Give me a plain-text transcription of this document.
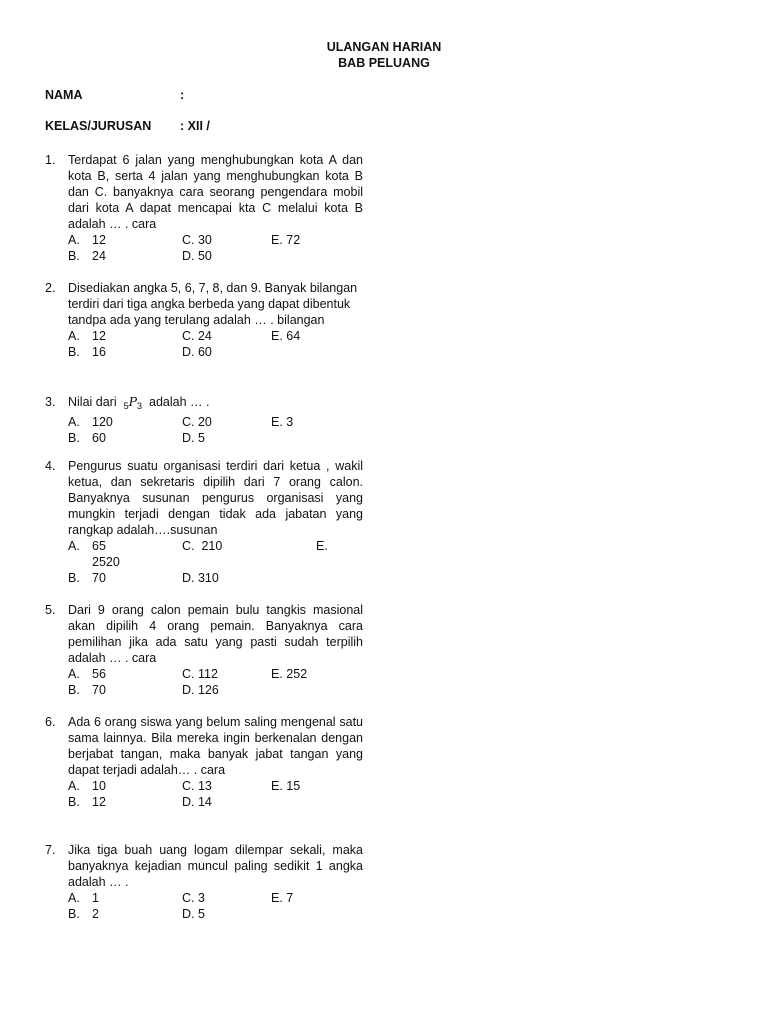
ULANGAN HARIAN
BAB PELUANG
NAMA	:
KELAS/JURUSAN : XII /
1. Terdapat 6 jalan yang menghubungkan kota A dan kota B, serta 4 jalan yang menghubungkan kota B dan C. banyaknya cara seorang pengendara mobil dari kota A dapat mencapai kta C melalui kota B adalah … . cara
A. 12	C. 30	E. 72
B. 24	D. 50
2. Disediakan angka 5, 6, 7, 8, dan 9. Banyak bilangan terdiri dari tiga angka berbeda yang dapat dibentuk tandpa ada yang terulang adalah … . bilangan
A. 12	C. 24	E. 64
B. 16	D. 60
3. Nilai dari $_5P_3$ adalah … .
A. 120	C. 20	E. 3
B. 60	D. 5
4. Pengurus suatu organisasi terdiri dari ketua , wakil ketua, dan sekretaris dipilih dari 7 orang calon. Banyaknya susunan pengurus organisasi yang mungkin terjadi dengan tidak ada jabatan yang rangkap adalah….susunan
A. 65	C. 210	E.
2520
B. 70	D. 310
5. Dari 9 orang calon pemain bulu tangkis masional akan dipilih 4 orang pemain. Banyaknya cara pemilihan jika ada satu yang pasti sudah terpilih adalah … . cara
A. 56	C. 112	E. 252
B. 70	D. 126
6. Ada 6 orang siswa yang belum saling mengenal satu sama lainnya. Bila mereka ingin berkenalan dengan berjabat tangan, maka banyak jabat tangan yang dapat terjadi adalah… . cara
A. 10	C. 13	E. 15
B. 12	D. 14
7. Jika tiga buah uang logam dilempar sekali, maka banyaknya kejadian muncul paling sedikit 1 angka adalah … .
A. 1	C. 3	E. 7
B. 2	D. 5
